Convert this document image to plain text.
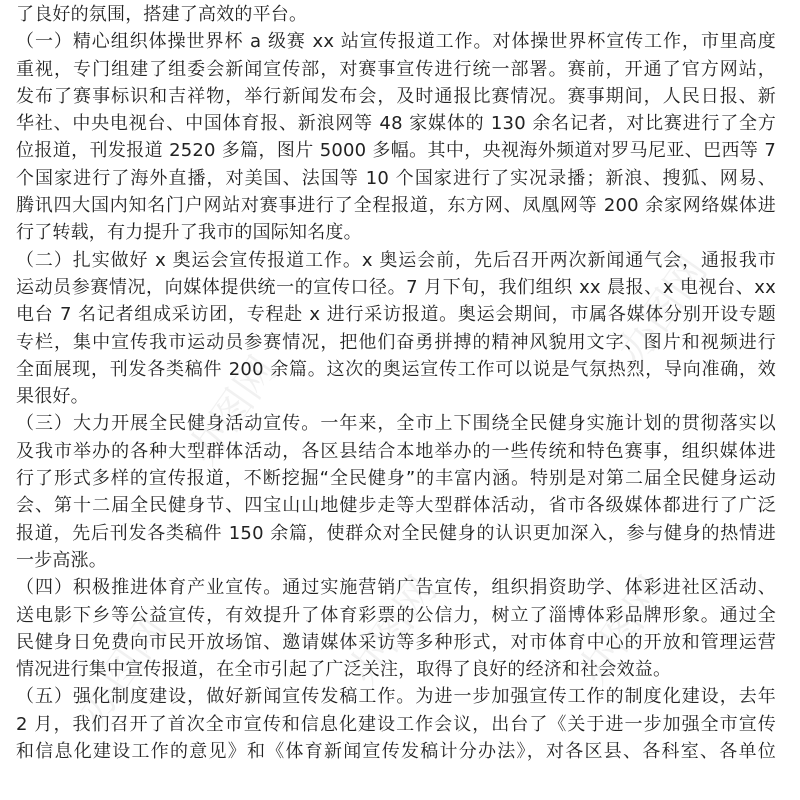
办图网
办图网
办图网	办图网	办图网
了良好的氛围，搭建了高效的平台。
（一）精心组织体操世界杯 a 级赛 xx 站宣传报道工作。对体操世界杯宣传工作，市里高度
重视，专门组建了组委会新闻宣传部，对赛事宣传进行统一部署。赛前，开通了官方网站，
发布了赛事标识和吉祥物，举行新闻发布会，及时通报比赛情况。赛事期间，人民日报、新
华社、中央电视台、中国体育报、新浪网等 48 家媒体的 130 余名记者，对比赛进行了全方
位报道，刊发报道 2520 多篇，图片 5000 多幅。其中，央视海外频道对罗马尼亚、巴西等 7
个国家进行了海外直播，对美国、法国等 10 个国家进行了实况录播；新浪、搜狐、网易、
腾讯四大国内知名门户网站对赛事进行了全程报道，东方网、凤凰网等 200 余家网络媒体进
行了转载，有力提升了我市的国际知名度。
（二）扎实做好 x 奥运会宣传报道工作。x 奥运会前，先后召开两次新闻通气会，通报我市
运动员参赛情况，向媒体提供统一的宣传口径。7 月下旬，我们组织 xx 晨报、x 电视台、xx
电台 7 名记者组成采访团，专程赴 x 进行采访报道。奥运会期间，市属各媒体分别开设专题
专栏，集中宣传我市运动员参赛情况，把他们奋勇拼搏的精神风貌用文字、图片和视频进行
全面展现，刊发各类稿件 200 余篇。这次的奥运宣传工作可以说是气氛热烈，导向准确，效
果很好。
（三）大力开展全民健身活动宣传。一年来，全市上下围绕全民健身实施计划的贯彻落实以
及我市举办的各种大型群体活动，各区县结合本地举办的一些传统和特色赛事，组织媒体进
行了形式多样的宣传报道，不断挖掘“全民健身”的丰富内涵。特别是对第二届全民健身运动
会、第十二届全民健身节、四宝山山地健步走等大型群体活动，省市各级媒体都进行了广泛
报道，先后刊发各类稿件 150 余篇，使群众对全民健身的认识更加深入，参与健身的热情进
一步高涨。
（四）积极推进体育产业宣传。通过实施营销广告宣传，组织捐资助学、体彩进社区活动、
送电影下乡等公益宣传，有效提升了体育彩票的公信力，树立了淄博体彩品牌形象。通过全
民健身日免费向市民开放场馆、邀请媒体采访等多种形式，对市体育中心的开放和管理运营
情况进行集中宣传报道，在全市引起了广泛关注，取得了良好的经济和社会效益。
（五）强化制度建设，做好新闻宣传发稿工作。为进一步加强宣传工作的制度化建设，去年
2 月，我们召开了首次全市宣传和信息化建设工作会议，出台了《关于进一步加强全市宣传
和信息化建设工作的意见》和《体育新闻宣传发稿计分办法》，对各区县、各科室、各单位
